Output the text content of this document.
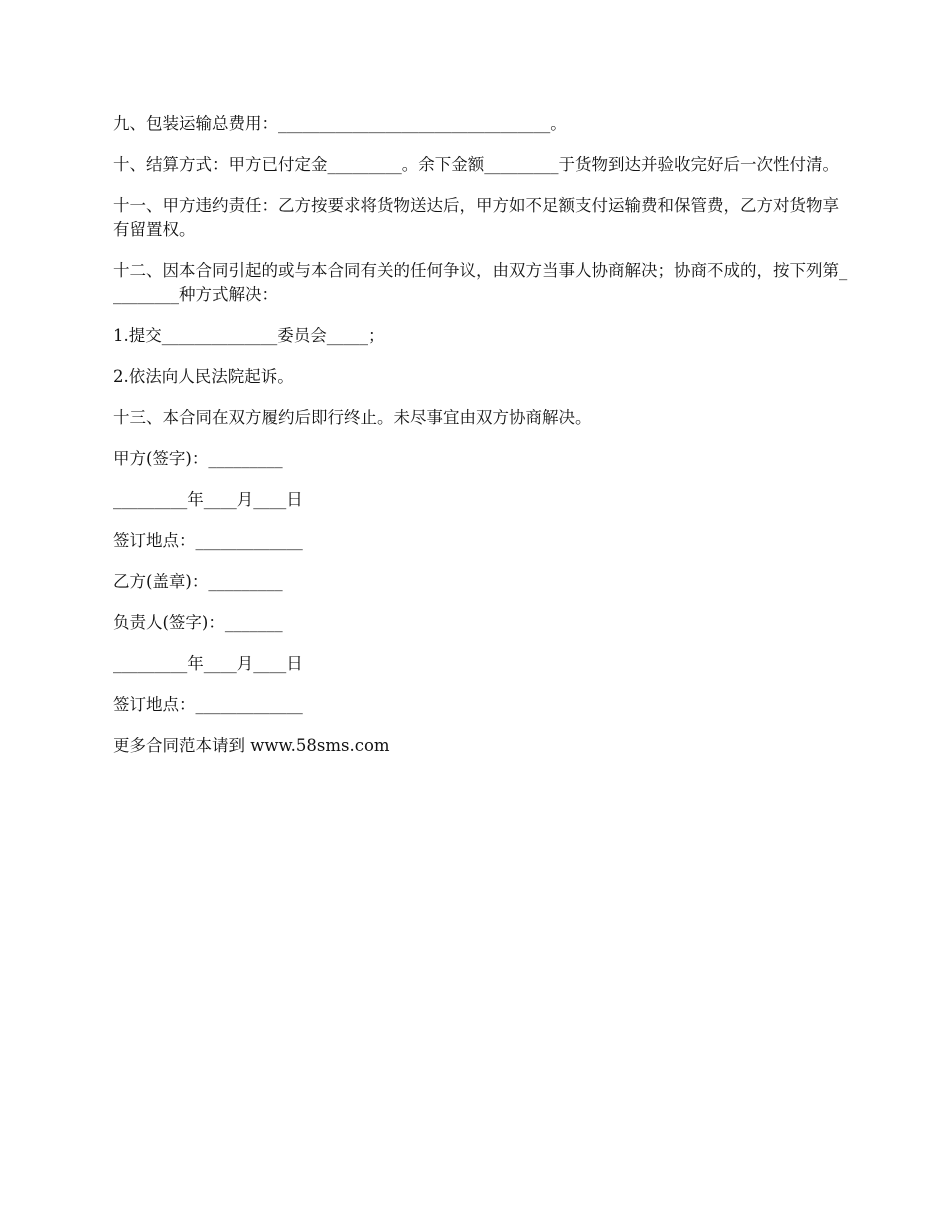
九、包装运输总费用：_________________________________。

十、结算方式：甲方已付定金_________。余下金额_________于货物到达并验收完好后一次性付清。

十一、甲方违约责任：乙方按要求将货物送达后，甲方如不足额支付运输费和保管费，乙方对货物享有留置权。

十二、因本合同引起的或与本合同有关的任何争议，由双方当事人协商解决；协商不成的，按下列第_________种方式解决：

1.提交______________委员会_____；

2.依法向人民法院起诉。

十三、本合同在双方履约后即行终止。未尽事宜由双方协商解决。

甲方(签字)：_________

_________年____月____日

签订地点：_____________

乙方(盖章)：_________

负责人(签字)：_______

_________年____月____日

签订地点：_____________

更多合同范本请到 www.58sms.com
